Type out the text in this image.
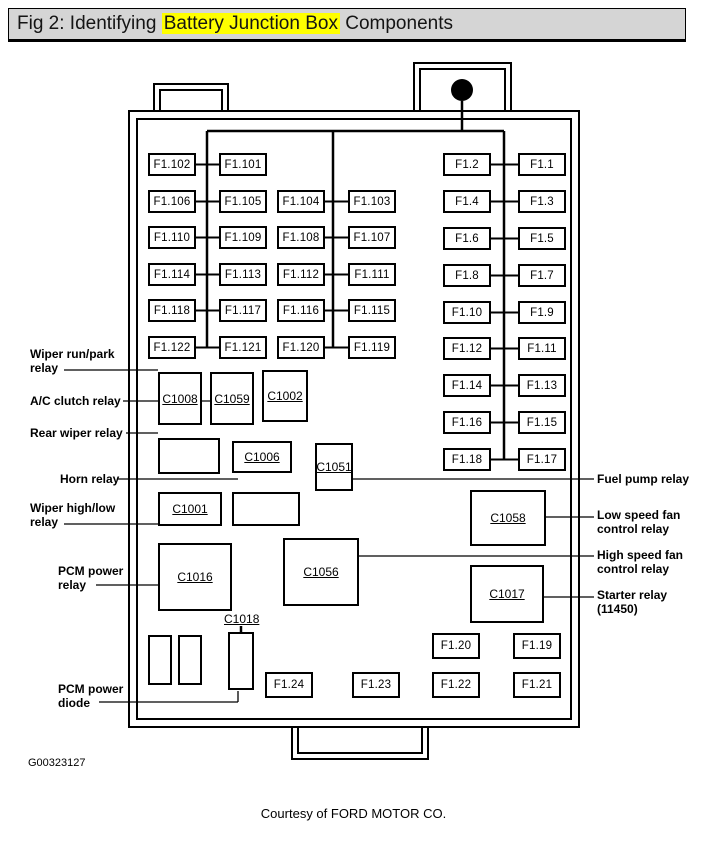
Fig 2: Identifying Battery Junction Box Components
F1.102	F1.101
F1.106	F1.105	F1.104	F1.103
F1.110	F1.109	F1.108	F1.107
F1.114	F1.113	F1.112	F1.111
F1.118	F1.117	F1.116	F1.115
F1.122	F1.121	F1.120	F1.119
F1.2	F1.1
F1.4	F1.3
F1.6	F1.5
F1.8	F1.7
F1.10	F1.9
F1.12	F1.11
F1.14	F1.13
F1.16	F1.15
F1.18	F1.17
F1.20	F1.19
F1.24	F1.23	F1.22	F1.21
C1008 C1059 C1002
C1006
C1051
C1001
C1016	C1056
C1058
C1017
C1018
Wiper run/park
relay
A/C clutch relay
Rear wiper relay
Horn relay
Wiper high/low
relay
PCM power
relay
PCM power
diode
Fuel pump relay
Low speed fan
control relay
High speed fan
control relay
Starter relay
(11450)
G00323127
Courtesy of FORD MOTOR CO.
